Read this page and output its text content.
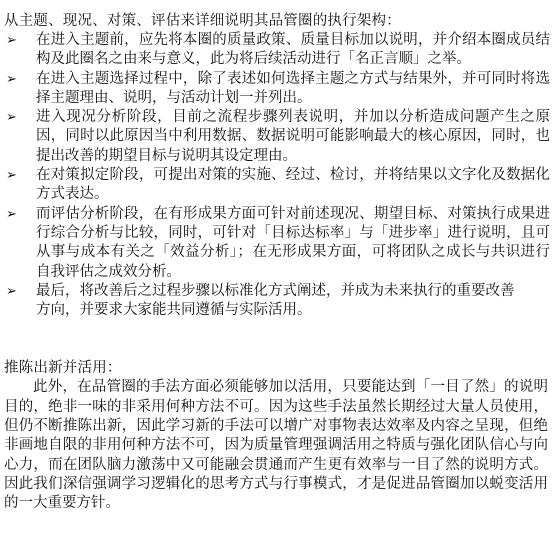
从主题、现况、对策、评估来详细说明其品管圈的执行架构：
➢	在进入主题前，应先将本圈的质量政策、质量目标加以说明，并介绍本圈成员结构及此圈名之由来与意义，此为将后续活动进行「名正言顺」之举。
➢	在进入主题选择过程中，除了表述如何选择主题之方式与结果外，并可同时将选择主题理由、说明，与活动计划一并列出。
➢	进入现况分析阶段，目前之流程步骤列表说明，并加以分析造成问题产生之原因，同时以此原因当中利用数据、数据说明可能影响最大的核心原因，同时，也提出改善的期望目标与说明其设定理由。
➢	在对策拟定阶段，可提出对策的实施、经过、检讨，并将结果以文字化及数据化方式表达。
➢	而评估分析阶段，在有形成果方面可针对前述现况、期望目标、对策执行成果进行综合分析与比较，同时，可针对「目标达标率」与「进步率」进行说明，且可从事与成本有关之「效益分析」；在无形成果方面，可将团队之成长与共识进行自我评估之成效分析。
➢	最后，将改善后之过程步骤以标准化方式阐述，并成为未来执行的重要改善
方向，并要求大家能共同遵循与实际活用。
推陈出新并活用：

此外，在品管圈的手法方面必须能够加以活用，只要能达到「一目了然」的说明目的，绝非一味的非采用何种方法不可。因为这些手法虽然长期经过大量人员使用，但仍不断推陈出新，因此学习新的手法可以增广对事物表达效率及内容之呈现，但绝非画地自限的非用何种方法不可，因为质量管理强调活用之特质与强化团队信心与向心力，而在团队脑力激荡中又可能融会贯通而产生更有效率与一目了然的说明方式。因此我们深信强调学习逻辑化的思考方式与行事模式，才是促进品管圈加以蜕变活用的一大重要方针。
